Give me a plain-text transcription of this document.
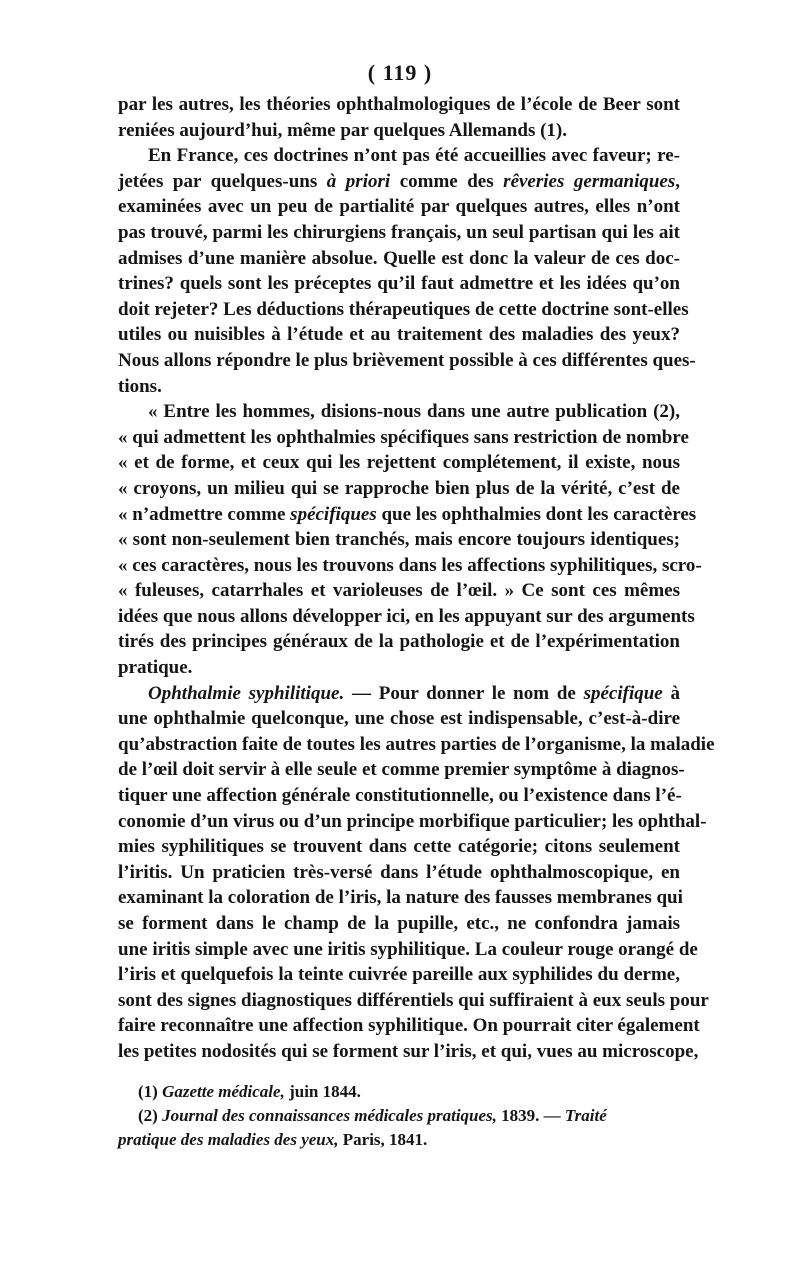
( 119 )
par les autres, les théories ophthalmologiques de l’école de Beer sont
reniées aujourd’hui, même par quelques Allemands (1).
En France, ces doctrines n’ont pas été accueillies avec faveur; re-
jetées par quelques-uns à priori comme des rêveries germaniques,
examinées avec un peu de partialité par quelques autres, elles n’ont
pas trouvé, parmi les chirurgiens français, un seul partisan qui les ait
admises d’une manière absolue. Quelle est donc la valeur de ces doc-
trines? quels sont les préceptes qu’il faut admettre et les idées qu’on
doit rejeter? Les déductions thérapeutiques de cette doctrine sont-elles
utiles ou nuisibles à l’étude et au traitement des maladies des yeux?
Nous allons répondre le plus brièvement possible à ces différentes ques-
tions.
« Entre les hommes, disions-nous dans une autre publication (2),
« qui admettent les ophthalmies spécifiques sans restriction de nombre
« et de forme, et ceux qui les rejettent complétement, il existe, nous
« croyons, un milieu qui se rapproche bien plus de la vérité, c’est de
« n’admettre comme spécifiques que les ophthalmies dont les caractères
« sont non-seulement bien tranchés, mais encore toujours identiques;
« ces caractères, nous les trouvons dans les affections syphilitiques, scro-
« fuleuses, catarrhales et varioleuses de l’œil. » Ce sont ces mêmes
idées que nous allons développer ici, en les appuyant sur des arguments
tirés des principes généraux de la pathologie et de l’expérimentation
pratique.
Ophthalmie syphilitique. — Pour donner le nom de spécifique à
une ophthalmie quelconque, une chose est indispensable, c’est-à-dire
qu’abstraction faite de toutes les autres parties de l’organisme, la maladie
de l’œil doit servir à elle seule et comme premier symptôme à diagnos-
tiquer une affection générale constitutionnelle, ou l’existence dans l’é-
conomie d’un virus ou d’un principe morbifique particulier; les ophthal-
mies syphilitiques se trouvent dans cette catégorie; citons seulement
l’iritis. Un praticien très-versé dans l’étude ophthalmoscopique, en
examinant la coloration de l’iris, la nature des fausses membranes qui
se forment dans le champ de la pupille, etc., ne confondra jamais
une iritis simple avec une iritis syphilitique. La couleur rouge orangé de
l’iris et quelquefois la teinte cuivrée pareille aux syphilides du derme,
sont des signes diagnostiques différentiels qui suffiraient à eux seuls pour
faire reconnaître une affection syphilitique. On pourrait citer également
les petites nodosités qui se forment sur l’iris, et qui, vues au microscope,
(1) Gazette médicale, juin 1844.
(2) Journal des connaissances médicales pratiques, 1839. — Traité
pratique des maladies des yeux, Paris, 1841.
